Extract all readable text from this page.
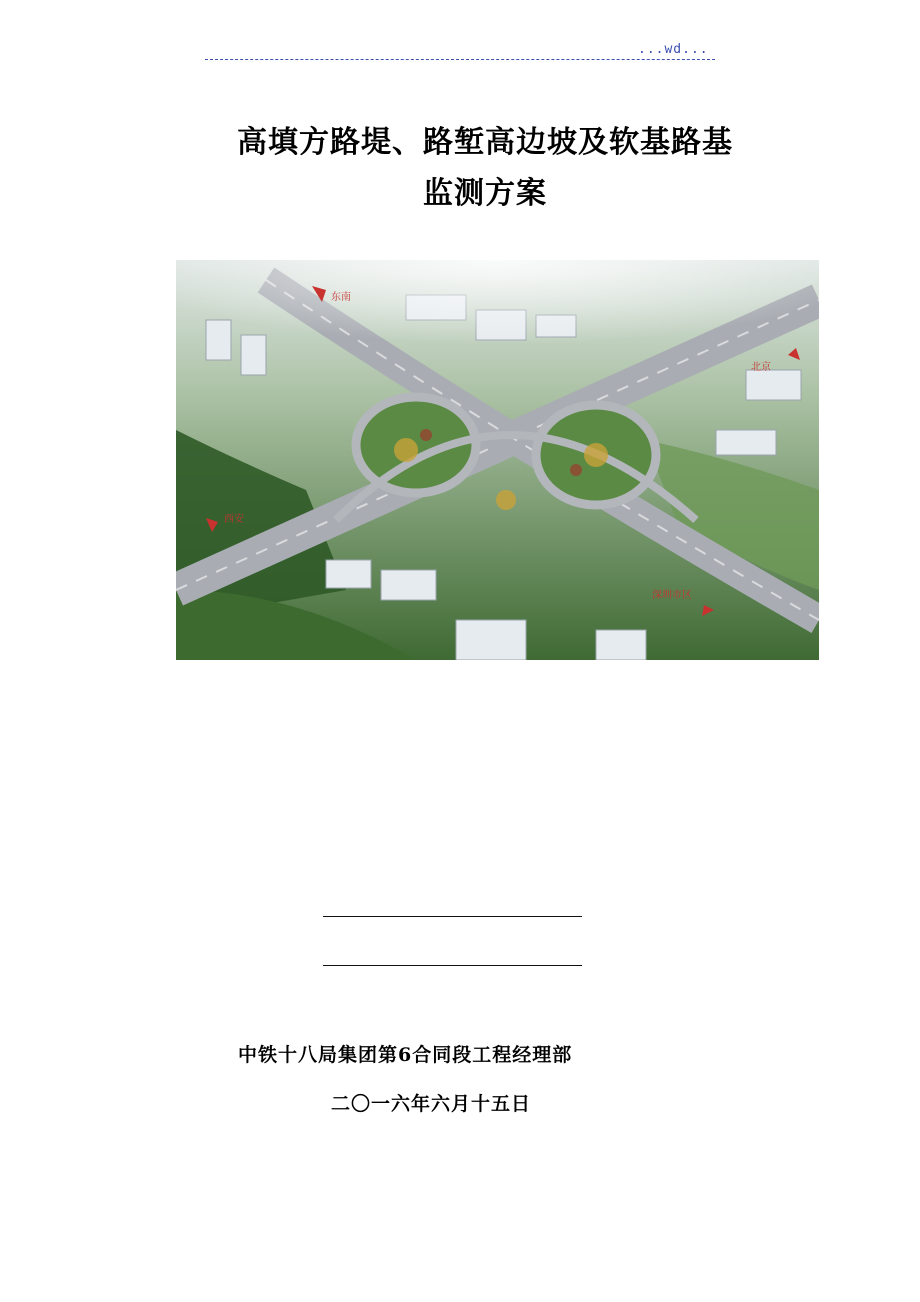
...wd...
高填方路堤、路堑高边坡及软基路基
监测方案
东南
北京
西安
深圳市区
中铁十八局集团第6合同段工程经理部
二〇一六年六月十五日
